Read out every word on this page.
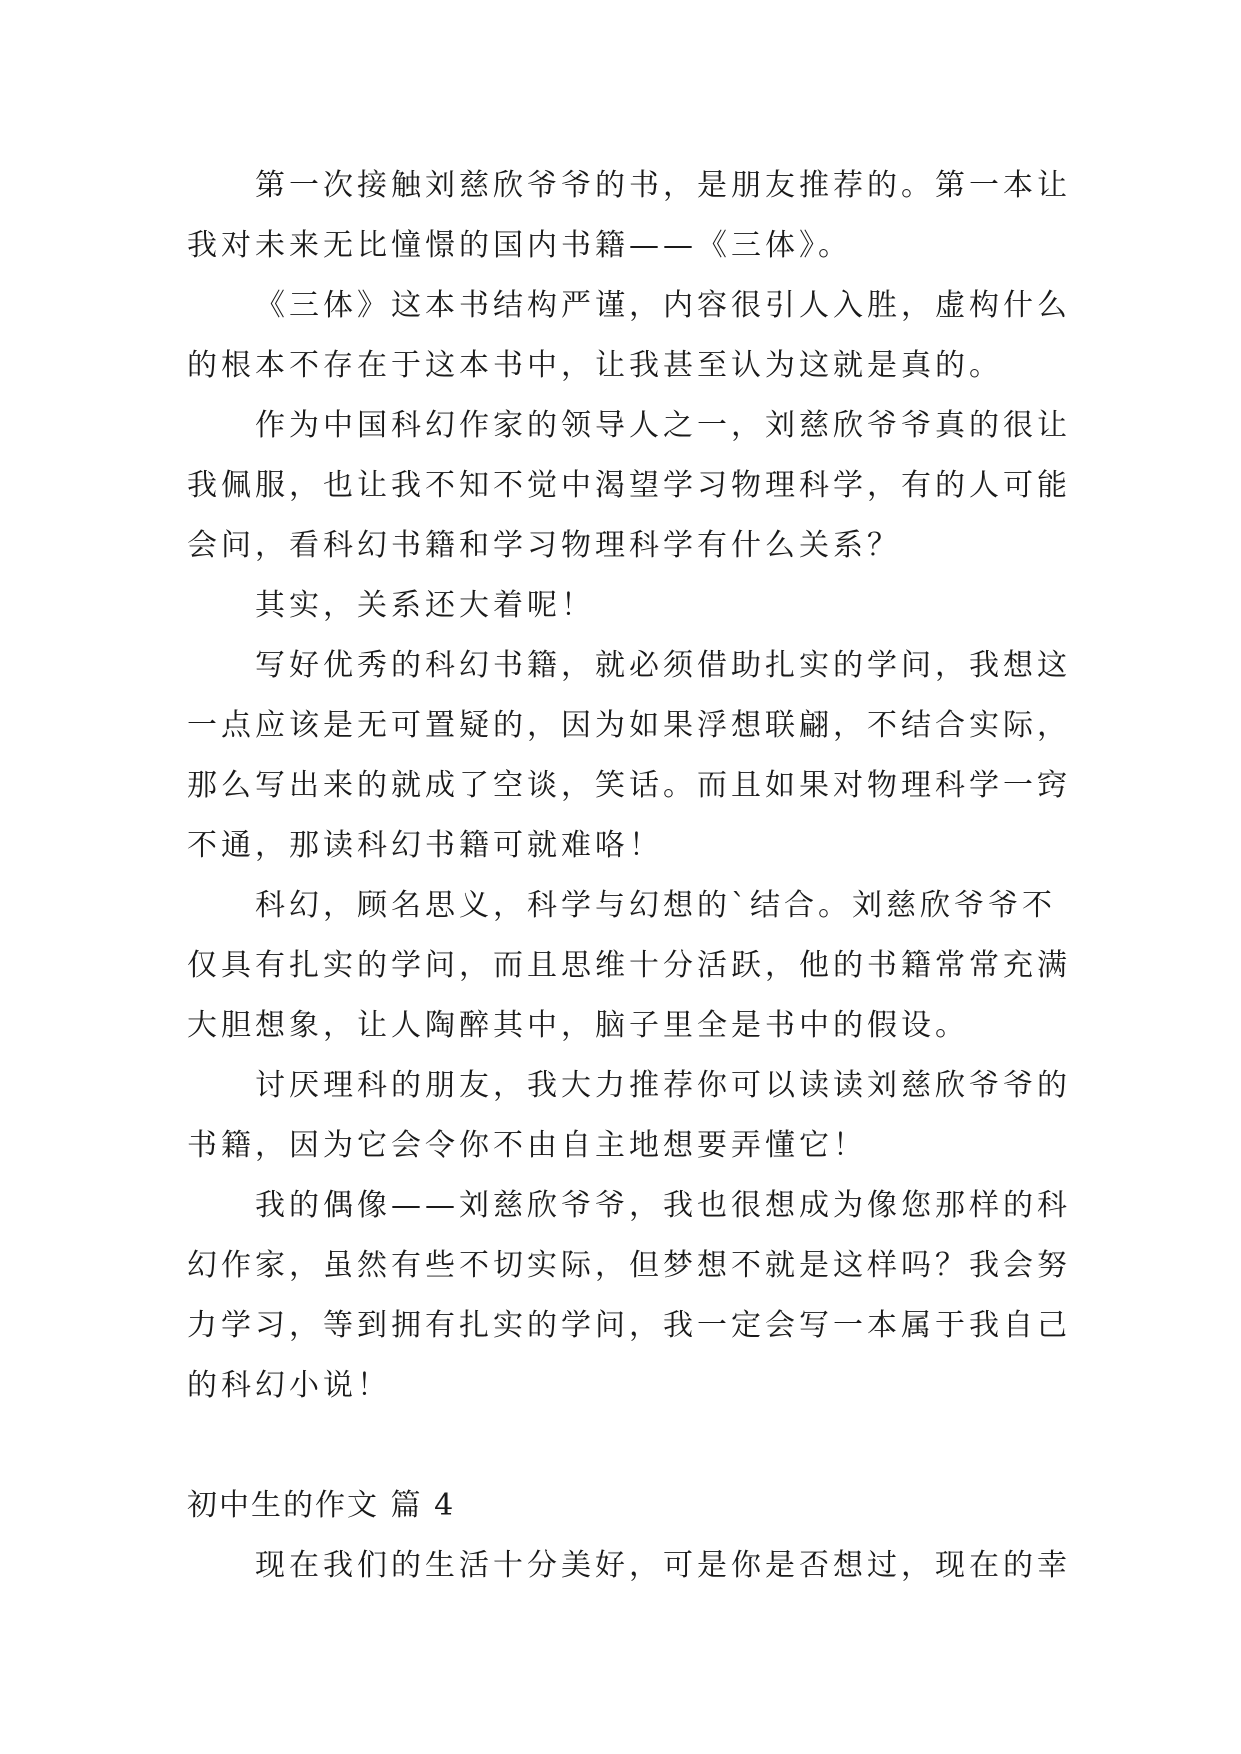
第一次接触刘慈欣爷爷的书，是朋友推荐的。第一本让
我对未来无比憧憬的国内书籍——《三体》。
《三体》这本书结构严谨，内容很引人入胜，虚构什么
的根本不存在于这本书中，让我甚至认为这就是真的。
作为中国科幻作家的领导人之一，刘慈欣爷爷真的很让
我佩服，也让我不知不觉中渴望学习物理科学，有的人可能
会问，看科幻书籍和学习物理科学有什么关系？
其实，关系还大着呢！
写好优秀的科幻书籍，就必须借助扎实的学问，我想这
一点应该是无可置疑的，因为如果浮想联翩，不结合实际，
那么写出来的就成了空谈，笑话。而且如果对物理科学一窍
不通，那读科幻书籍可就难咯！
科幻，顾名思义，科学与幻想的`结合。刘慈欣爷爷不
仅具有扎实的学问，而且思维十分活跃，他的书籍常常充满
大胆想象，让人陶醉其中，脑子里全是书中的假设。
讨厌理科的朋友，我大力推荐你可以读读刘慈欣爷爷的
书籍，因为它会令你不由自主地想要弄懂它！
我的偶像——刘慈欣爷爷，我也很想成为像您那样的科
幻作家，虽然有些不切实际，但梦想不就是这样吗？我会努
力学习，等到拥有扎实的学问，我一定会写一本属于我自己
的科幻小说！
初中生的作文 篇 4
现在我们的生活十分美好，可是你是否想过，现在的幸
